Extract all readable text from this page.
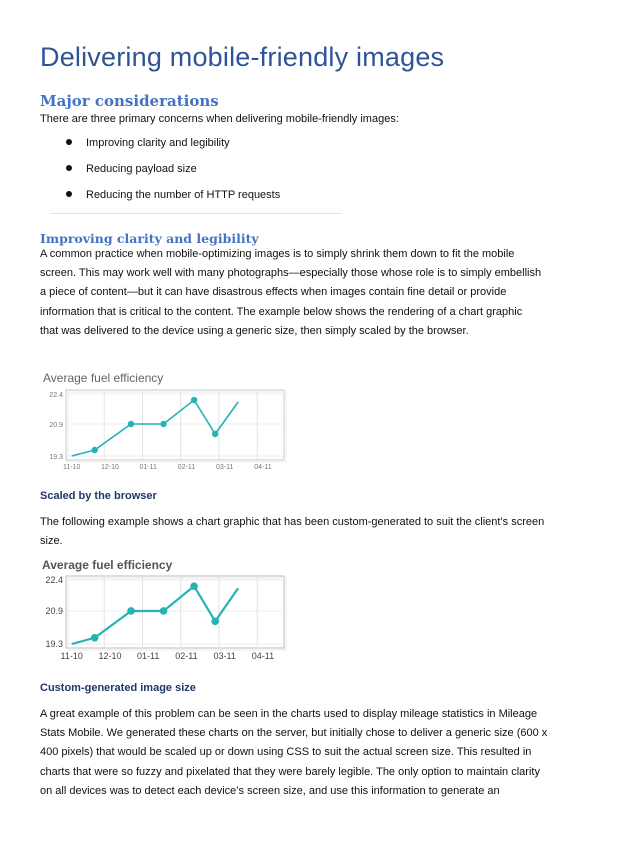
Delivering mobile-friendly images
Major considerations
There are three primary concerns when delivering mobile-friendly images:
Improving clarity and legibility
Reducing payload size
Reducing the number of HTTP requests
Improving clarity and legibility
A common practice when mobile-optimizing images is to simply shrink them down to fit the mobile
screen. This may work well with many photographs—especially those whose role is to simply embellish
a piece of content—but it can have disastrous effects when images contain fine detail or provide
information that is critical to the content. The example below shows the rendering of a chart graphic
that was delivered to the device using a generic size, then simply scaled by the browser.
Average fuel efficiency
22.4
20.9
19.3
11-10	12-10	01-11	02-11	03-11	04-11
Scaled by the browser
The following example shows a chart graphic that has been custom-generated to suit the client’s screen
size.
Average fuel efficiency
22.4
20.9
19.3
11-10 12-10 01-11 02-11 03-11 04-11
Custom-generated image size
A great example of this problem can be seen in the charts used to display mileage statistics in Mileage
Stats Mobile. We generated these charts on the server, but initially chose to deliver a generic size (600 x
400 pixels) that would be scaled up or down using CSS to suit the actual screen size. This resulted in
charts that were so fuzzy and pixelated that they were barely legible. The only option to maintain clarity
on all devices was to detect each device’s screen size, and use this information to generate an
